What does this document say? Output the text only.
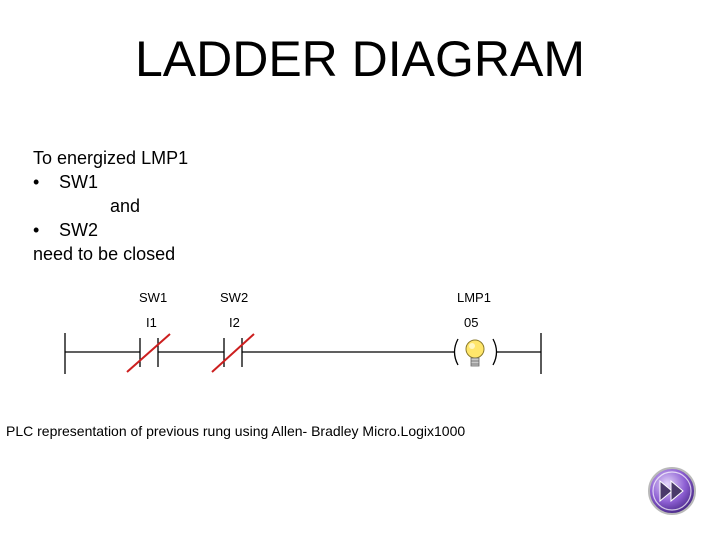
LADDER DIAGRAM
To energized LMP1
• SW1
and
• SW2
need to be closed
SW1
I1
SW2
I2
LMP1
05
PLC representation of previous rung using Allen- Bradley Micro.Logix1000
